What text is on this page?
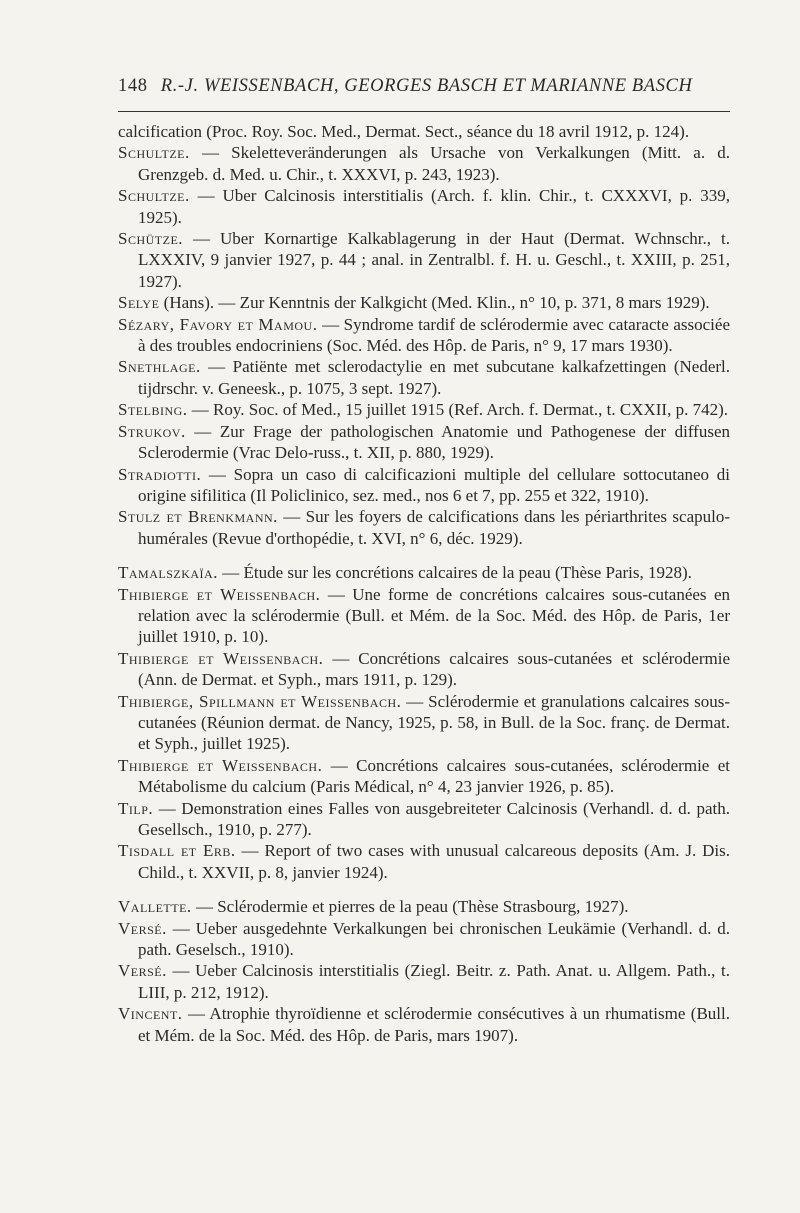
148 R.-J. WEISSENBACH, GEORGES BASCH ET MARIANNE BASCH

calcification (Proc. Roy. Soc. Med., Dermat. Sect., séance du 18 avril 1912, p. 124).

Schultze. — Skeletteveränderungen als Ursache von Verkalkungen (Mitt. a. d. Grenzgeb. d. Med. u. Chir., t. XXXVI, p. 243, 1923).

Schultze. — Uber Calcinosis interstitialis (Arch. f. klin. Chir., t. CXXXVI, p. 339, 1925).

Schütze. — Uber Kornartige Kalkablagerung in der Haut (Dermat. Wchnschr., t. LXXXIV, 9 janvier 1927, p. 44 ; anal. in Zentralbl. f. H. u. Geschl., t. XXIII, p. 251, 1927).

Selye (Hans). — Zur Kenntnis der Kalkgicht (Med. Klin., n° 10, p. 371, 8 mars 1929).

Sézary, Favory et Mamou. — Syndrome tardif de sclérodermie avec cataracte associée à des troubles endocriniens (Soc. Méd. des Hôp. de Paris, n° 9, 17 mars 1930).

Snethlage. — Patiënte met sclerodactylie en met subcutane kalkafzettingen (Nederl. tijdrschr. v. Geneesk., p. 1075, 3 sept. 1927).

Stelbing. — Roy. Soc. of Med., 15 juillet 1915 (Ref. Arch. f. Dermat., t. CXXII, p. 742).

Strukov. — Zur Frage der pathologischen Anatomie und Pathogenese der diffusen Sclerodermie (Vrac Delo-russ., t. XII, p. 880, 1929).

Stradiotti. — Sopra un caso di calcificazioni multiple del cellulare sottocutaneo di origine sifilitica (Il Policlinico, sez. med., nos 6 et 7, pp. 255 et 322, 1910).

Stulz et Brenkmann. — Sur les foyers de calcifications dans les périarthrites scapulo-humérales (Revue d'orthopédie, t. XVI, n° 6, déc. 1929).

Tamalszkaïa. — Étude sur les concrétions calcaires de la peau (Thèse Paris, 1928).

Thibierge et Weissenbach. — Une forme de concrétions calcaires sous-cutanées en relation avec la sclérodermie (Bull. et Mém. de la Soc. Méd. des Hôp. de Paris, 1er juillet 1910, p. 10).

Thibierge et Weissenbach. — Concrétions calcaires sous-cutanées et sclérodermie (Ann. de Dermat. et Syph., mars 1911, p. 129).

Thibierge, Spillmann et Weissenbach. — Sclérodermie et granulations calcaires sous-cutanées (Réunion dermat. de Nancy, 1925, p. 58, in Bull. de la Soc. franç. de Dermat. et Syph., juillet 1925).

Thibierge et Weissenbach. — Concrétions calcaires sous-cutanées, sclérodermie et Métabolisme du calcium (Paris Médical, n° 4, 23 janvier 1926, p. 85).

Tilp. — Demonstration eines Falles von ausgebreiteter Calcinosis (Verhandl. d. d. path. Gesellsch., 1910, p. 277).

Tisdall et Erb. — Report of two cases with unusual calcareous deposits (Am. J. Dis. Child., t. XXVII, p. 8, janvier 1924).

Vallette. — Sclérodermie et pierres de la peau (Thèse Strasbourg, 1927).

Versé. — Ueber ausgedehnte Verkalkungen bei chronischen Leukämie (Verhandl. d. d. path. Geselsch., 1910).

Versé. — Ueber Calcinosis interstitialis (Ziegl. Beitr. z. Path. Anat. u. Allgem. Path., t. LIII, p. 212, 1912).

Vincent. — Atrophie thyroïdienne et sclérodermie consécutives à un rhumatisme (Bull. et Mém. de la Soc. Méd. des Hôp. de Paris, mars 1907).
